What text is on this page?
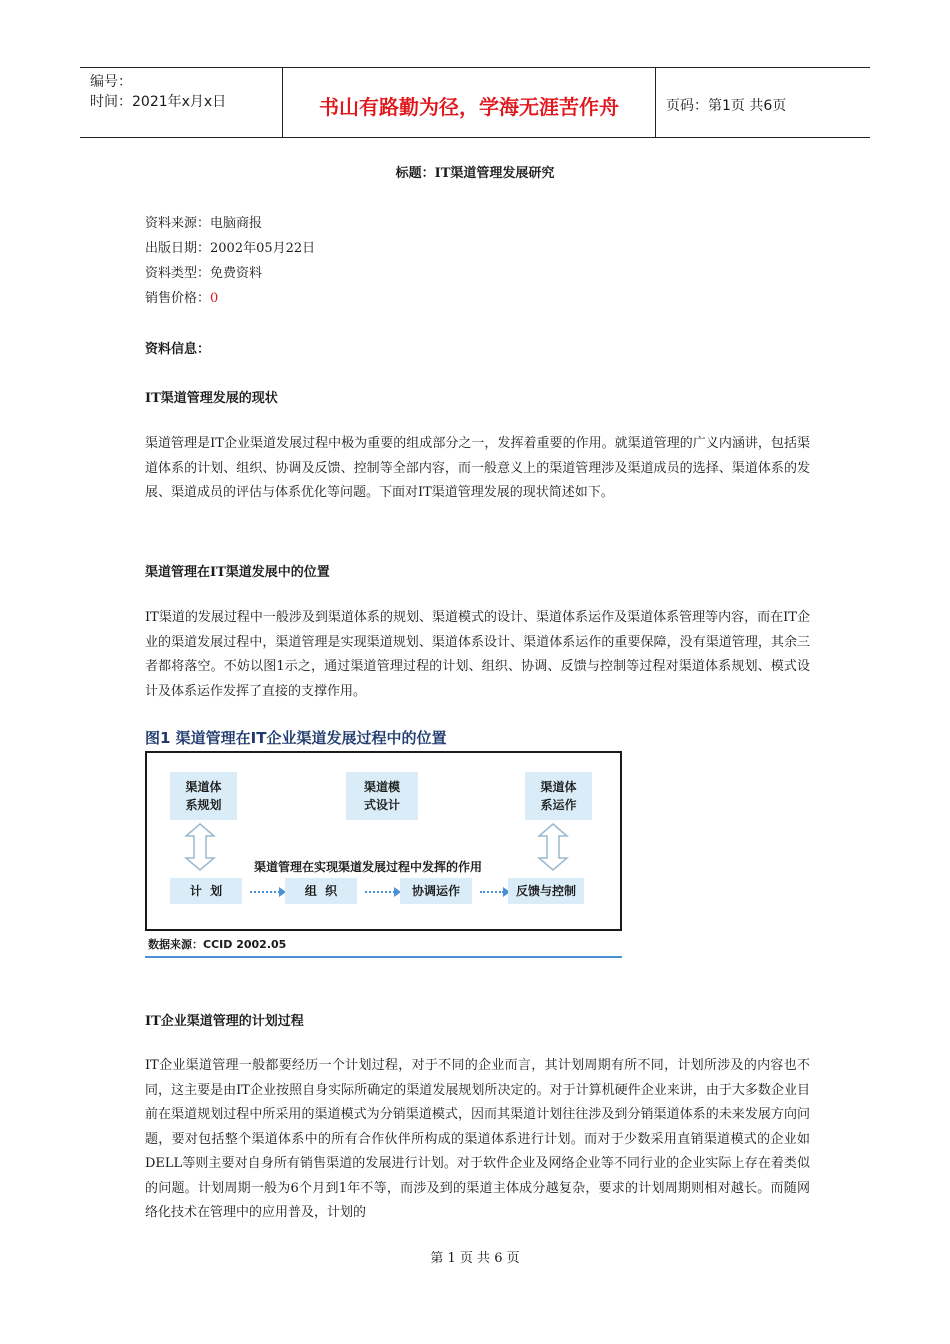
编号：
时间：2021年x月x日	书山有路勤为径，学海无涯苦作舟	页码：第1页 共6页
标题：IT渠道管理发展研究
资料来源：电脑商报
出版日期：2002年05月22日
资料类型：免费资料
销售价格：0
资料信息：
IT渠道管理发展的现状
渠道管理是IT企业渠道发展过程中极为重要的组成部分之一，发挥着重要的作用。就渠道管理的广义内涵讲，包括渠道体系的计划、组织、协调及反馈、控制等全部内容，而一般意义上的渠道管理涉及渠道成员的选择、渠道体系的发展、渠道成员的评估与体系优化等问题。下面对IT渠道管理发展的现状简述如下。
渠道管理在IT渠道发展中的位置
IT渠道的发展过程中一般涉及到渠道体系的规划、渠道模式的设计、渠道体系运作及渠道体系管理等内容，而在IT企业的渠道发展过程中，渠道管理是实现渠道规划、渠道体系设计、渠道体系运作的重要保障，没有渠道管理，其余三者都将落空。不妨以图1示之，通过渠道管理过程的计划、组织、协调、反馈与控制等过程对渠道体系规划、模式设计及体系运作发挥了直接的支撑作用。
图1 渠道管理在IT企业渠道发展过程中的位置
渠道体
系规划
渠道模
式设计
渠道体
系运作
渠道管理在实现渠道发展过程中发挥的作用
计  划	组  织	协调运作	反馈与控制
数据来源：CCID 2002.05
IT企业渠道管理的计划过程
IT企业渠道管理一般都要经历一个计划过程，对于不同的企业而言，其计划周期有所不同，计划所涉及的内容也不同，这主要是由IT企业按照自身实际所确定的渠道发展规划所决定的。对于计算机硬件企业来讲，由于大多数企业目前在渠道规划过程中所采用的渠道模式为分销渠道模式，因而其渠道计划往往涉及到分销渠道体系的未来发展方向问题，要对包括整个渠道体系中的所有合作伙伴所构成的渠道体系进行计划。而对于少数采用直销渠道模式的企业如DELL等则主要对自身所有销售渠道的发展进行计划。对于软件企业及网络企业等不同行业的企业实际上存在着类似的问题。计划周期一般为6个月到1年不等，而涉及到的渠道主体成分越复杂，要求的计划周期则相对越长。而随网络化技术在管理中的应用普及，计划的
第 1 页 共 6 页
